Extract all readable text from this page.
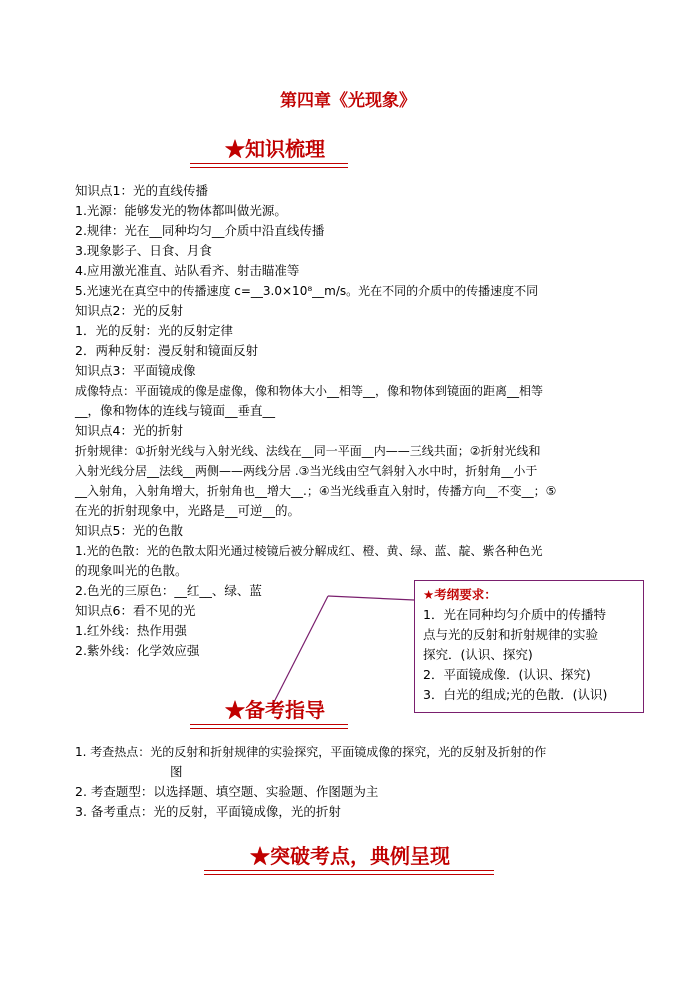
第四章《光现象》
★知识梳理
知识点1：光的直线传播
1.光源：能够发光的物体都叫做光源。
2.规律：光在__同种均匀__介质中沿直线传播
3.现象影子、日食、月食
4.应用激光准直、站队看齐、射击瞄准等
5.光速光在真空中的传播速度 c=__3.0×10⁸__m/s。光在不同的介质中的传播速度不同
知识点2：光的反射
1．光的反射：光的反射定律
2．两种反射：漫反射和镜面反射
知识点3：平面镜成像
成像特点：平面镜成的像是虚像，像和物体大小__相等__，像和物体到镜面的距离__相等
__，像和物体的连线与镜面__垂直__
知识点4：光的折射
折射规律：①折射光线与入射光线、法线在__同一平面__内——三线共面；②折射光线和
入射光线分居__法线__两侧——两线分居 .③当光线由空气斜射入水中时，折射角__小于
__入射角，入射角增大，折射角也__增大__.；④当光线垂直入射时，传播方向__不变__；⑤
在光的折射现象中，光路是__可逆__的。
知识点5：光的色散
1.光的色散：光的色散太阳光通过棱镜后被分解成红、橙、黄、绿、蓝、靛、紫各种色光
的现象叫光的色散。
2.色光的三原色：__红__、绿、蓝
知识点6：看不见的光
1.红外线：热作用强
2.紫外线：化学效应强
★考纲要求：
1．光在同种均匀介质中的传播特
点与光的反射和折射规律的实验
探究．(认识、探究)
2．平面镜成像．(认识、探究)
3．白光的组成;光的色散．(认识)
★备考指导
1. 考查热点：光的反射和折射规律的实验探究，平面镜成像的探究，光的反射及折射的作
图
2. 考查题型：以选择题、填空题、实验题、作图题为主
3. 备考重点：光的反射，平面镜成像，光的折射
★突破考点，典例呈现
